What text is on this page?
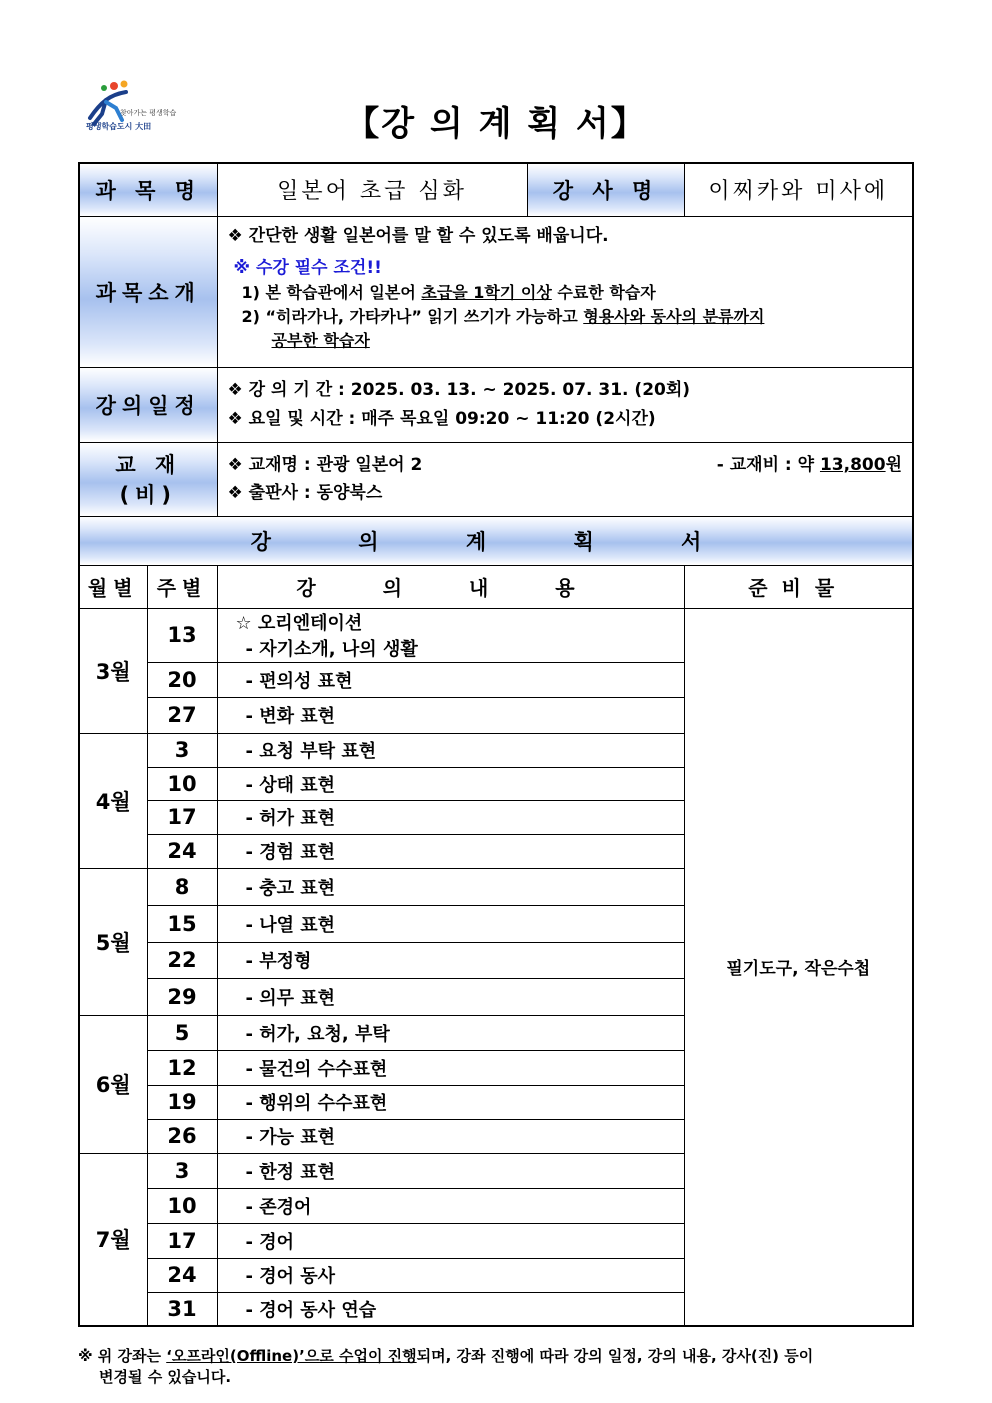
찾아가는 평생학습
평생학습도시 大田	【강 의 계 획 서】
과 목 명		일본어 초급 심화	강 사 명	이찌카와 미사에
과목소개		❖ 간단한 생활 일본어를 말 할 수 있도록 배웁니다.
※ 수강 필수 조건!!
1) 본 학습관에서 일본어 초급을 1학기 이상 수료한 학습자
2) “히라가나, 가타카나” 읽기 쓰기가 가능하고 형용사와 동사의 분류까지
공부한 학습자		

강의일정		❖ 강 의 기 간 : 2025. 03. 13. ~ 2025. 07. 31. (20회)
❖ 요일 및 시간 : 매주 목요일 09:20 ~ 11:20 (2시간)		

교 재 (비)		❖ 교재명 : 관광 일본어 2 - 교재비 : 약 13,800원
❖ 출판사 : 동양북스		

강 의 계 획 서				
월별	주별	강 의 내 용		준비물
3월	13	☆ 오리엔테이션
- 자기소개, 나의 생활		필기도구, 작은수첩
	20	- 편의성 표현		
	27	- 변화 표현		
4월	3	- 요청 부탁 표현		
	10	- 상태 표현		
	17	- 허가 표현		
	24	- 경험 표현		
5월	8	- 충고 표현		
	15	- 나열 표현		
	22	- 부정형		
	29	- 의무 표현		
6월	5	- 허가, 요청, 부탁		
	12	- 물건의 수수표현		
	19	- 행위의 수수표현		
	26	- 가능 표현		
7월	3	- 한정 표현		
	10	- 존경어		
	17	- 경어		
	24	- 경어 동사		
	31	- 경어 동사 연습		
※ 위 강좌는 ‘오프라인(Offline)’으로 수업이 진행되며, 강좌 진행에 따라 강의 일정, 강의 내용, 강사(진) 등이
변경될 수 있습니다.
